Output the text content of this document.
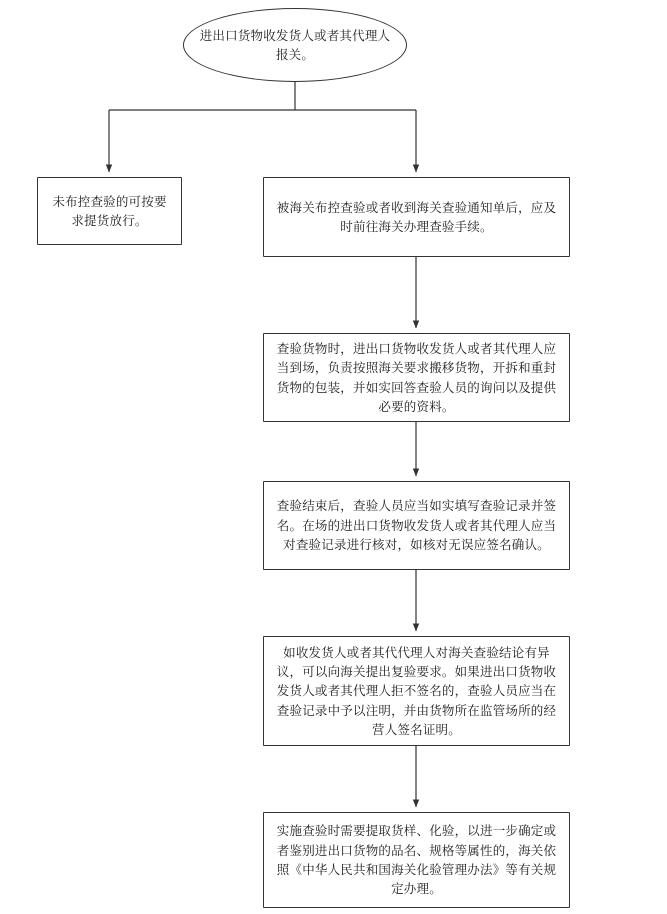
进出口货物收发货人或者其代理人报关。
未布控查验的可按要求提货放行。
被海关布控查验或者收到海关查验通知单后，应及时前往海关办理查验手续。
查验货物时，进出口货物收发货人或者其代理人应当到场，负责按照海关要求搬移货物，开拆和重封货物的包装，并如实回答查验人员的询问以及提供必要的资料。
查验结束后，查验人员应当如实填写查验记录并签名。在场的进出口货物收发货人或者其代理人应当对查验记录进行核对，如核对无误应签名确认。
如收发货人或者其代代理人对海关查验结论有异议，可以向海关提出复验要求。如果进出口货物收发货人或者其代理人拒不签名的，查验人员应当在查验记录中予以注明，并由货物所在监管场所的经营人签名证明。
实施查验时需要提取货样、化验，以进一步确定或者鉴别进出口货物的品名、规格等属性的，海关依照《中华人民共和国海关化验管理办法》等有关规定办理。
